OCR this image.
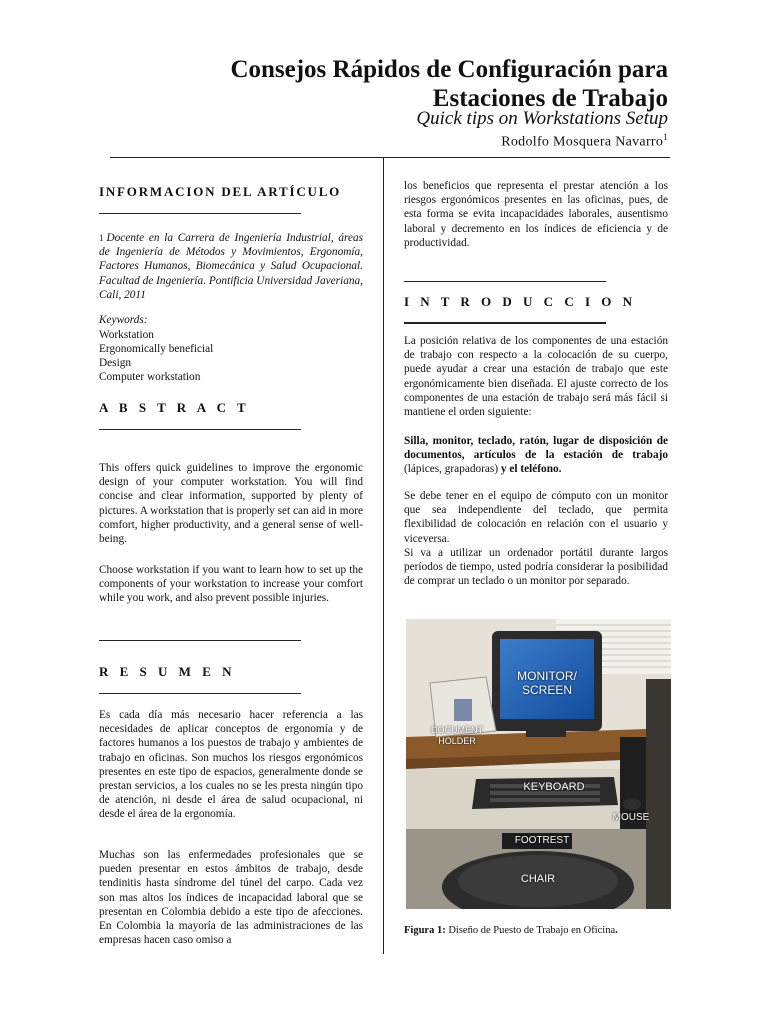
Consejos Rápidos de Configuración para
Estaciones de Trabajo
Quick tips on Workstations Setup
Rodolfo Mosquera Navarro$^1$
INFORMACION DEL ARTÍCULO
1 Docente en la Carrera de Ingeniería Industrial, áreas de Ingeniería de Métodos y Movimientos, Ergonomía, Factores Humanos, Biomecánica y Salud Ocupacional. Facultad de Ingeniería. Pontificia Universidad Javeriana, Cali, 2011
Keywords:
Workstation
Ergonomically beneficial
Design
Computer workstation
A B S T R A C T
This offers quick guidelines to improve the ergonomic design of your computer workstation. You will find concise and clear information, supported by plenty of pictures. A workstation that is properly set can aid in more comfort, higher productivity, and a general sense of well-being.
Choose workstation if you want to learn how to set up the components of your workstation to increase your comfort while you work, and also prevent possible injuries.
R E S U M E N
Es cada día más necesario hacer referencia a las necesidades de aplicar conceptos de ergonomía y de factores humanos a los puestos de trabajo y ambientes de trabajo en oficinas. Son muchos los riesgos ergonómicos presentes en este tipo de espacios, generalmente donde se prestan servicios, a los cuales no se les presta ningún tipo de atención, ni desde el área de salud ocupacional, ni desde el área de la ergonomía.
Muchas son las enfermedades profesionales que se pueden presentar en estos ámbitos de trabajo, desde tendinitis hasta síndrome del túnel del carpo. Cada vez son mas altos los índices de incapacidad laboral que se presentan en Colombia debido a este tipo de afecciones. En Colombia la mayoría de las administraciones de las empresas hacen caso omiso a
los beneficios que representa el prestar atención a los riesgos ergonómicos presentes en las oficinas, pues, de esta forma se evita incapacidades laborales, ausentismo laboral y decremento en los índices de eficiencia y de productividad.
I N T R O D U C C I O N
La posición relativa de los componentes de una estación de trabajo con respecto a la colocación de su cuerpo, puede ayudar a crear una estación de trabajo que este ergonómicamente bien diseñada. El ajuste correcto de los componentes de una estación de trabajo será más fácil si mantiene el orden siguiente:
Silla, monitor, teclado, ratón, lugar de disposición de documentos, artículos de la estación de trabajo (lápices, grapadoras) y el teléfono.
Se debe tener en el equipo de cómputo con un monitor que sea independiente del teclado, que permita flexibilidad de colocación en relación con el usuario y viceversa.
Si va a utilizar un ordenador portátil durante largos períodos de tiempo, usted podría considerar la posibilidad de comprar un teclado o un monitor por separado.
MONITOR/ SCREEN
DOCUMENT HOLDER
KEYBOARD
MOUSE
FOOTREST
CHAIR
Figura 1: Diseño de Puesto de Trabajo en Oficina.
